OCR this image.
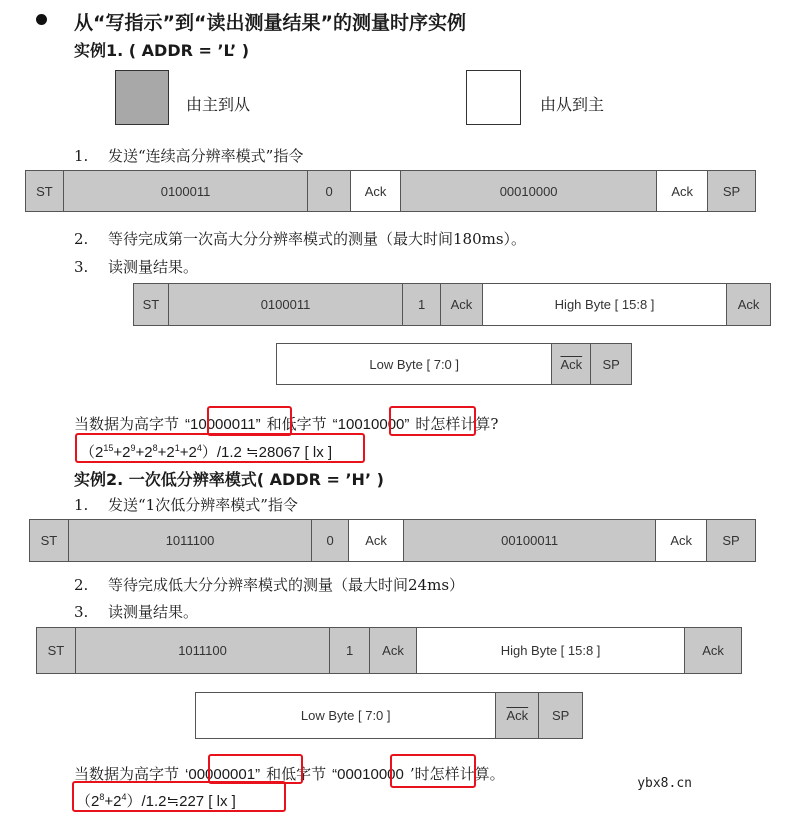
从“写指示”到“读出测量结果”的测量时序实例
实例1. ( ADDR = ’L’ )
由主到从	由从到主
1. 发送“连续高分辨率模式”指令
ST	0100011	0	Ack	00010000	Ack	SP
2. 等待完成第一次高大分分辨率模式的测量（最大时间180ms）。
3. 读测量结果。
ST	0100011	1	Ack	High Byte [ 15:8 ]	Ack
Low Byte [ 7:0 ]	$\overline{Ack}$	SP
当数据为高字节 “10000011” 和低字节 “10010000” 时怎样计算?
$(2^{15}+2^9+2^8+2^1+2^4)/1.2$ ≒28067 [ lx ]
实例2. 一次低分辨率模式( ADDR = ’H’ )
1. 发送“1次低分辨率模式”指令
ST	1011100	0	Ack	00100011	Ack	SP
2. 等待完成低大分分辨率模式的测量（最大时间24ms）
3. 读测量结果。
ST	1011100	1	Ack	High Byte [ 15:8 ]	Ack
Low Byte [ 7:0 ]	$\overline{Ack}$	SP
当数据为高字节 ‘00000001” 和低字节 “00010000 ’时怎样计算。
$(2^8+2^4)/1.2≒227$ [ lx ]
ybx8.cn
